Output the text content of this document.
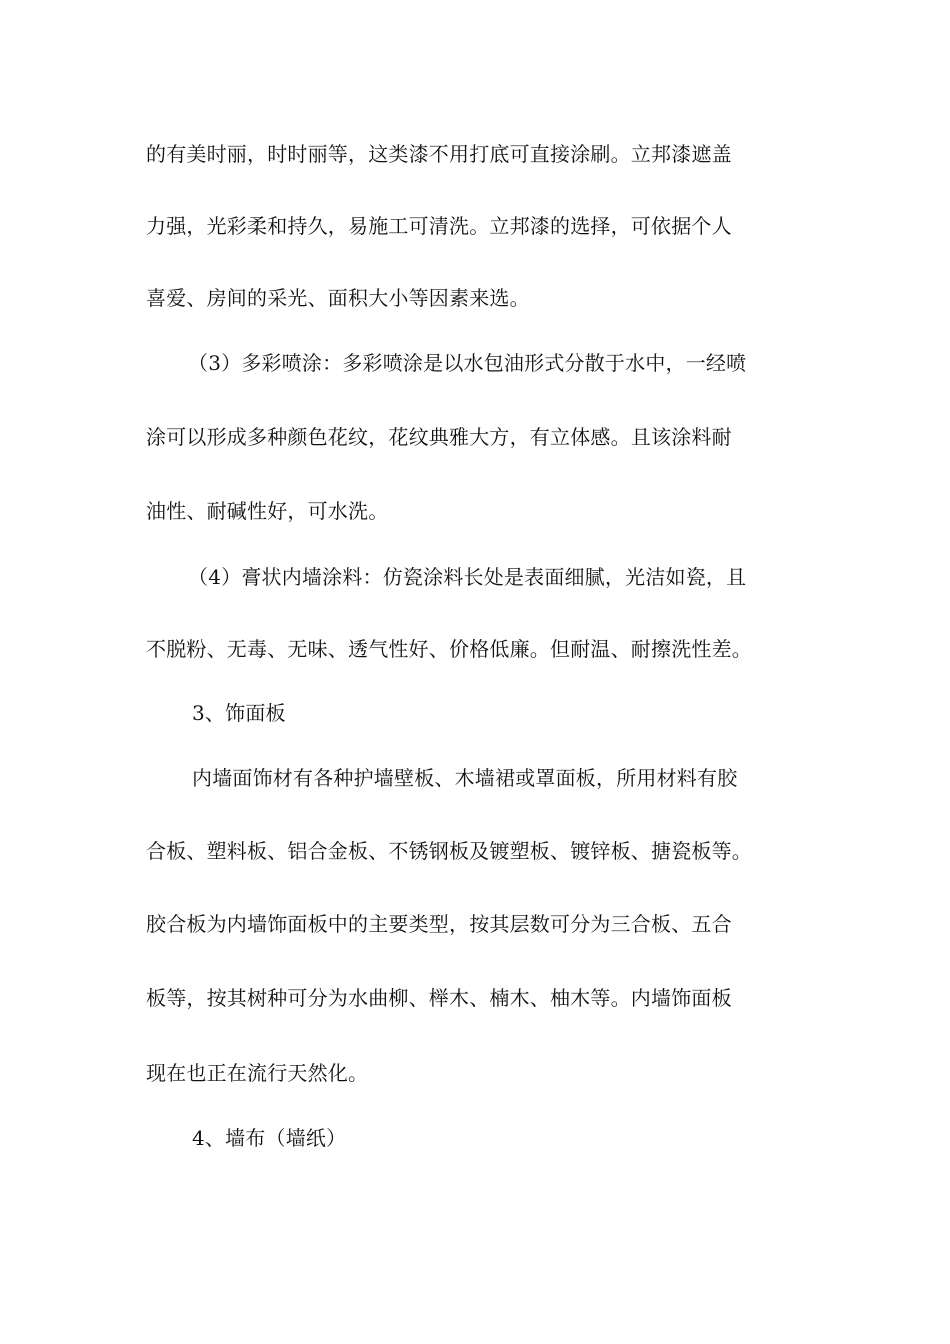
的有美时丽，时时丽等，这类漆不用打底可直接涂刷。立邦漆遮盖
力强，光彩柔和持久，易施工可清洗。立邦漆的选择，可依据个人
喜爱、房间的采光、面积大小等因素来选。
（3）多彩喷涂：多彩喷涂是以水包油形式分散于水中，一经喷
涂可以形成多种颜色花纹，花纹典雅大方，有立体感。且该涂料耐
油性、耐碱性好，可水洗。
（4）膏状内墙涂料：仿瓷涂料长处是表面细腻，光洁如瓷，且
不脱粉、无毒、无味、透气性好、价格低廉。但耐温、耐擦洗性差。
3、饰面板
内墙面饰材有各种护墙壁板、木墙裙或罩面板，所用材料有胶
合板、塑料板、铝合金板、不锈钢板及镀塑板、镀锌板、搪瓷板等。
胶合板为内墙饰面板中的主要类型，按其层数可分为三合板、五合
板等，按其树种可分为水曲柳、榉木、楠木、柚木等。内墙饰面板
现在也正在流行天然化。
4、墙布（墙纸）
